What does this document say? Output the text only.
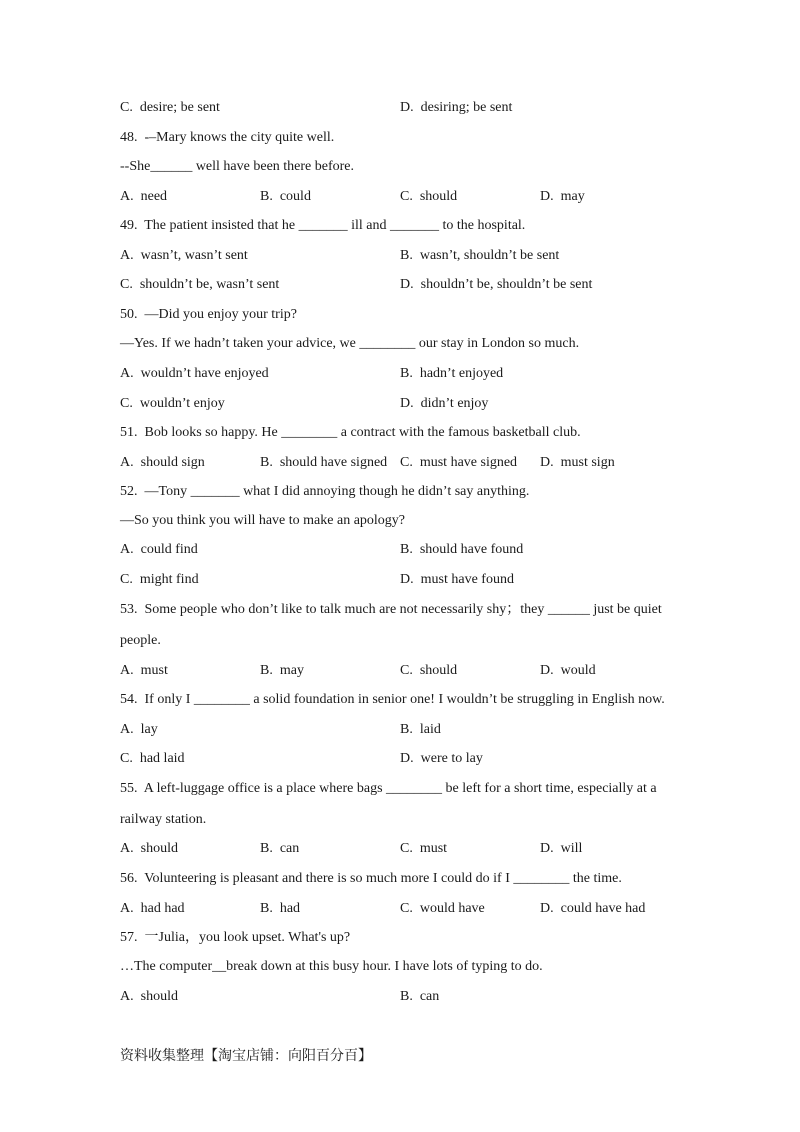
C. desire; be sent	D. desiring; be sent
48. -–Mary knows the city quite well.
--She______ well have been there before.
A. need	B. could	C. should	D. may
49. The patient insisted that he _______ ill and _______ to the hospital.
A. wasn’t, wasn’t sent	B. wasn’t, shouldn’t be sent
C. shouldn’t be, wasn’t sent	D. shouldn’t be, shouldn’t be sent
50. —Did you enjoy your trip?
—Yes. If we hadn’t taken your advice, we ________ our stay in London so much.
A. wouldn’t have enjoyed	B. hadn’t enjoyed
C. wouldn’t enjoy	D. didn’t enjoy
51. Bob looks so happy. He ________ a contract with the famous basketball club.
A. should sign	B. should have signed C. must have signed D. must sign
52. —Tony _______ what I did annoying though he didn’t say anything.
—So you think you will have to make an apology?
A. could find	B. should have found
C. might find	D. must have found
53. Some people who don’t like to talk much are not necessarily shy；they ______ just be quiet
people.
A. must	B. may	C. should	D. would
54. If only I ________ a solid foundation in senior one! I wouldn’t be struggling in English now.
A. lay	B. laid
C. had laid	D. were to lay
55. A left-luggage office is a place where bags ________ be left for a short time, especially at a
railway station.
A. should	B. can	C. must	D. will
56. Volunteering is pleasant and there is so much more I could do if I ________ the time.
A. had had	B. had	C. would have	D. could have had
57. 一Julia，you look upset. What's up?
…The computer__break down at this busy hour. I have lots of typing to do.
A. should	B. can
资料收集整理【淘宝店铺：向阳百分百】
